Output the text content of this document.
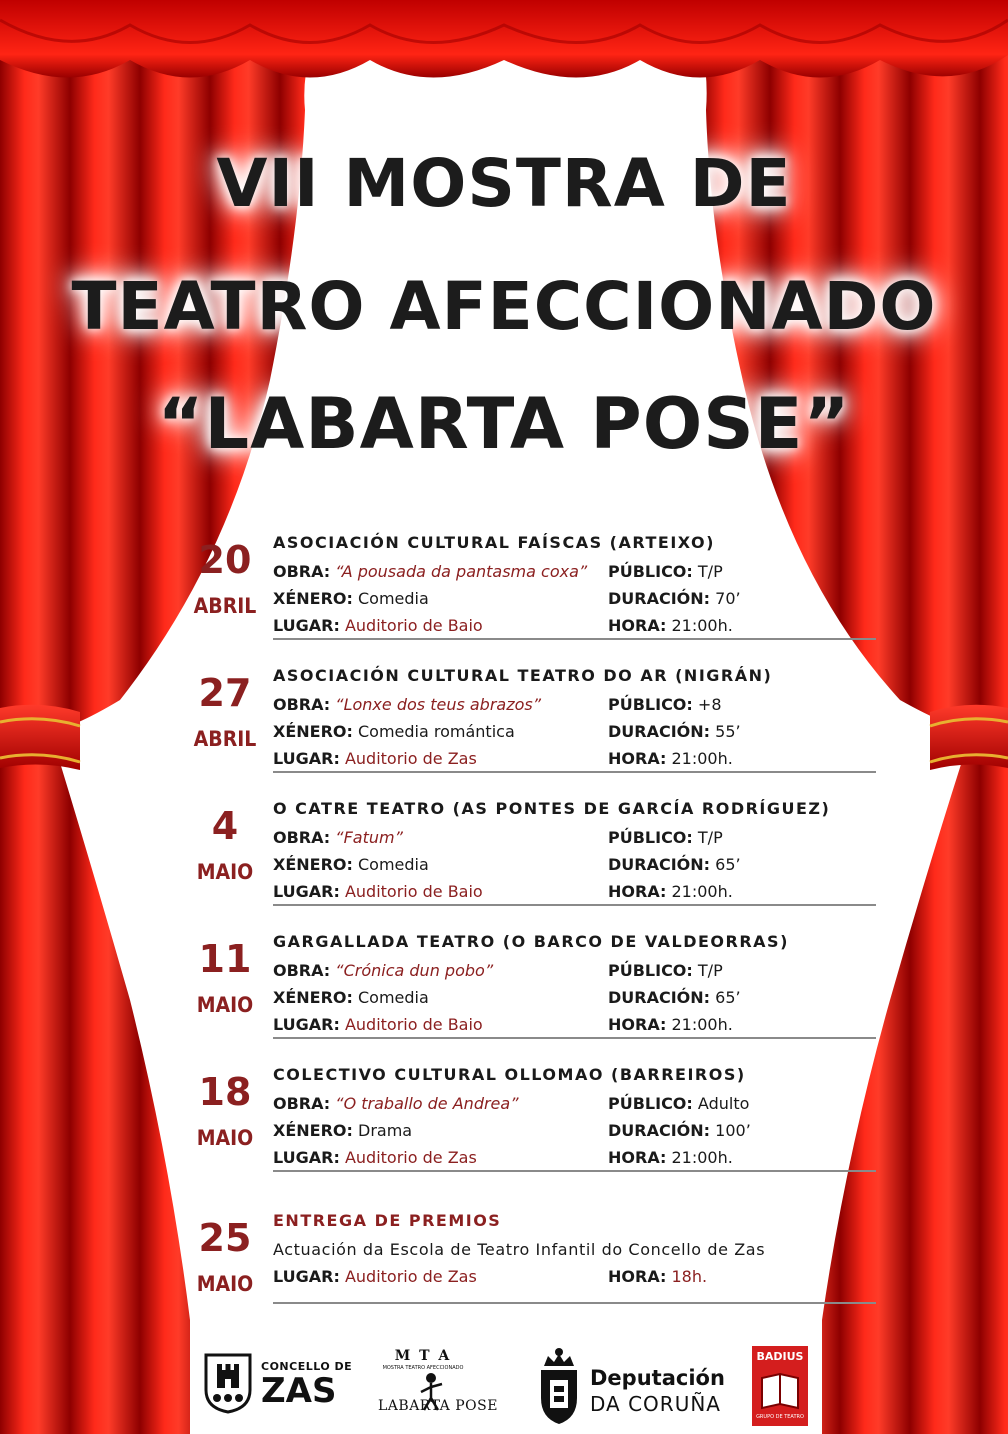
VII MOSTRA DE
TEATRO AFECCIONADO
“LABARTA POSE”
20
ABRIL
ASOCIACIÓN CULTURAL FAÍSCAS (ARTEIXO)
OBRA: “A pousada da pantasma coxa” PÚBLICO: T/P
XÉNERO: Comedia	DURACIÓN: 70’
LUGAR: Auditorio de Baio	HORA: 21:00h.
27
ABRIL
ASOCIACIÓN CULTURAL TEATRO DO AR (NIGRÁN)
OBRA: “Lonxe dos teus abrazos”	PÚBLICO: +8
XÉNERO: Comedia romántica	DURACIÓN: 55’
LUGAR: Auditorio de Zas	HORA: 21:00h.
4
MAIO
O CATRE TEATRO (AS PONTES DE GARCÍA RODRÍGUEZ)
OBRA: “Fatum”	PÚBLICO: T/P
XÉNERO: Comedia	DURACIÓN: 65’
LUGAR: Auditorio de Baio	HORA: 21:00h.
11
MAIO
GARGALLADA TEATRO (O BARCO DE VALDEORRAS)
OBRA: “Crónica dun pobo”	PÚBLICO: T/P
XÉNERO: Comedia	DURACIÓN: 65’
LUGAR: Auditorio de Baio	HORA: 21:00h.
18
MAIO
COLECTIVO CULTURAL OLLOMAO (BARREIROS)
OBRA: “O traballo de Andrea”	PÚBLICO: Adulto
XÉNERO: Drama	DURACIÓN: 100’
LUGAR: Auditorio de Zas	HORA: 21:00h.
25
MAIO
ENTREGA DE PREMIOS
Actuación da Escola de Teatro Infantil do Concello de Zas
LUGAR: Auditorio de Zas	HORA: 18h.
CONCELLO DE
ZAS
M T A
MOSTRA TEATRO AFECCIONADO
LABARTA POSE
Deputación
DA CORUÑA
BADIUS
GRUPO DE TEATRO
